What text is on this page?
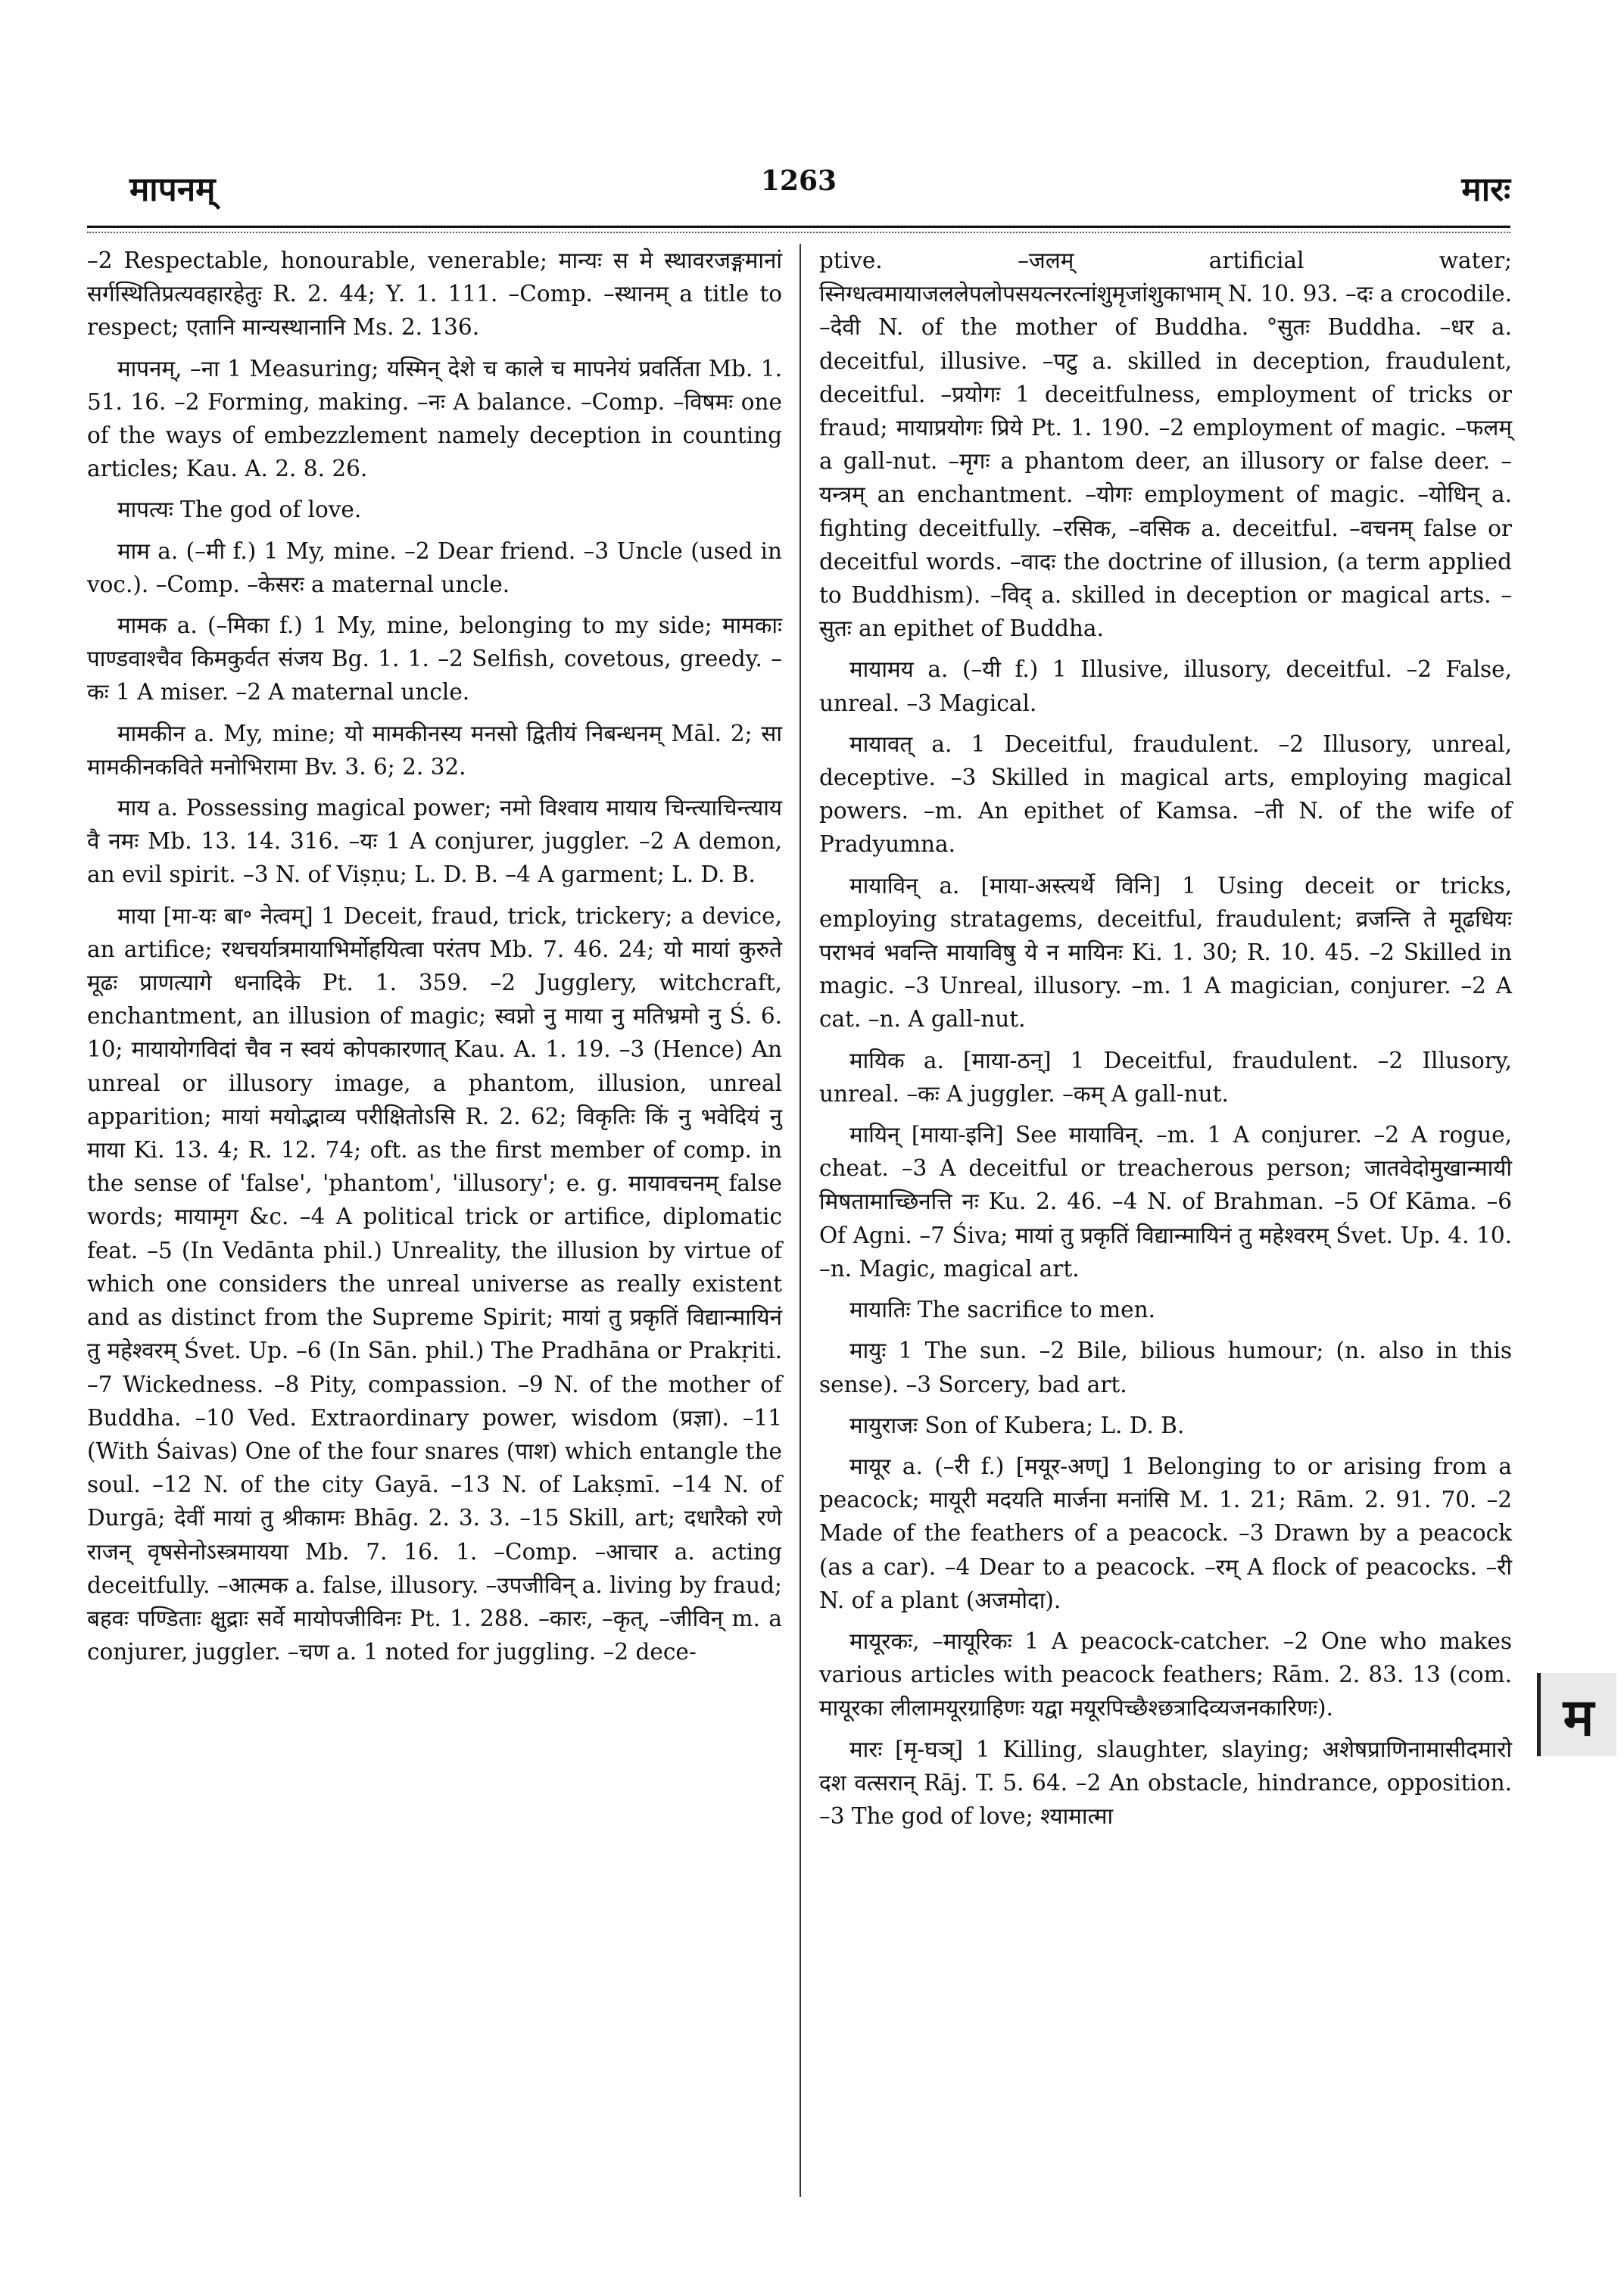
मापनम्	1263	मारः

–2 Respectable, honourable, venerable; मान्यः स मे स्थावरजङ्गमानां सर्गस्थितिप्रत्यवहारहेतुः R. 2. 44; Y. 1. 111. –Comp. –स्थानम् a title to respect; एतानि मान्यस्थानानि Ms. 2. 136.

मापनम्, –ना 1 Measuring; यस्मिन् देशे च काले च मापनेयं प्रवर्तिता Mb. 1. 51. 16. –2 Forming, making. –नः A balance. –Comp. –विषमः one of the ways of embezzlement namely deception in counting articles; Kau. A. 2. 8. 26.

मापत्यः The god of love.

माम a. (–मी f.) 1 My, mine. –2 Dear friend. –3 Uncle (used in voc.). –Comp. –केसरः a maternal uncle.

मामक a. (–मिका f.) 1 My, mine, belonging to my side; मामकाः पाण्डवाश्चैव किमकुर्वत संजय Bg. 1. 1. –2 Selfish, covetous, greedy. –कः 1 A miser. –2 A maternal uncle.

मामकीन a. My, mine; यो मामकीनस्य मनसो द्वितीयं निबन्धनम् Māl. 2; सा मामकीनकविते मनोभिरामा Bv. 3. 6; 2. 32.

माय a. Possessing magical power; नमो विश्वाय मायाय चिन्त्याचिन्त्याय वै नमः Mb. 13. 14. 316. –यः 1 A conjurer, juggler. –2 A demon, an evil spirit. –3 N. of Viṣṇu; L. D. B. –4 A garment; L. D. B.

माया [मा-यः बा॰ नेत्वम्] 1 Deceit, fraud, trick, trickery; a device, an artifice; रथचर्यात्रमायाभिर्मोहयित्वा परंतप Mb. 7. 46. 24; यो मायां कुरुते मूढः प्राणत्यागे धनादिके Pt. 1. 359. –2 Jugglery, witchcraft, enchantment, an illusion of magic; स्वप्नो नु माया नु मतिभ्रमो नु Ś. 6. 10; मायायोगविदां चैव न स्वयं कोपकारणात् Kau. A. 1. 19. –3 (Hence) An unreal or illusory image, a phantom, illusion, unreal apparition; मायां मयोद्भाव्य परीक्षितोऽसि R. 2. 62; विकृतिः किं नु भवेदियं नु माया Ki. 13. 4; R. 12. 74; oft. as the first member of comp. in the sense of 'false', 'phantom', 'illusory'; e. g. मायावचनम् false words; मायामृग &c. –4 A political trick or artifice, diplomatic feat. –5 (In Vedānta phil.) Unreality, the illusion by virtue of which one considers the unreal universe as really existent and as distinct from the Supreme Spirit; मायां तु प्रकृतिं विद्यान्मायिनं तु महेश्वरम् Śvet. Up. –6 (In Sān. phil.) The Pradhāna or Prakṛiti. –7 Wickedness. –8 Pity, compassion. –9 N. of the mother of Buddha. –10 Ved. Extraordinary power, wisdom (प्रज्ञा). –11 (With Śaivas) One of the four snares (पाश) which entangle the soul. –12 N. of the city Gayā. –13 N. of Lakṣmī. –14 N. of Durgā; देवीं मायां तु श्रीकामः Bhāg. 2. 3. 3. –15 Skill, art; दधारैको रणे राजन् वृषसेनोऽस्त्रमायया Mb. 7. 16. 1. –Comp. –आचार a. acting deceitfully. –आत्मक a. false, illusory. –उपजीविन् a. living by fraud; बहवः पण्डिताः क्षुद्राः सर्वे मायोपजीविनः Pt. 1. 288. –कारः, –कृत्, –जीविन् m. a conjurer, juggler. –चण a. 1 noted for juggling. –2 dece-

ptive. –जलम् artificial water; स्निग्धत्वमायाजललेपलोपसयत्नरत्नांशुमृजांशुकाभाम् N. 10. 93. –दः a crocodile. –देवी N. of the mother of Buddha. °सुतः Buddha. –धर a. deceitful, illusive. –पटु a. skilled in deception, fraudulent, deceitful. –प्रयोगः 1 deceitfulness, employment of tricks or fraud; मायाप्रयोगः प्रिये Pt. 1. 190. –2 employment of magic. –फलम् a gall-nut. –मृगः a phantom deer, an illusory or false deer. –यन्त्रम् an enchantment. –योगः employment of magic. –योधिन् a. fighting deceitfully. –रसिक, –वसिक a. deceitful. –वचनम् false or deceitful words. –वादः the doctrine of illusion, (a term applied to Buddhism). –विद् a. skilled in deception or magical arts. –सुतः an epithet of Buddha.

मायामय a. (–यी f.) 1 Illusive, illusory, deceitful. –2 False, unreal. –3 Magical.

मायावत् a. 1 Deceitful, fraudulent. –2 Illusory, unreal, deceptive. –3 Skilled in magical arts, employing magical powers. –m. An epithet of Kamsa. –ती N. of the wife of Pradyumna.

मायाविन् a. [माया-अस्त्यर्थे विनि] 1 Using deceit or tricks, employing stratagems, deceitful, fraudulent; व्रजन्ति ते मूढधियः पराभवं भवन्ति मायाविषु ये न मायिनः Ki. 1. 30; R. 10. 45. –2 Skilled in magic. –3 Unreal, illusory. –m. 1 A magician, conjurer. –2 A cat. –n. A gall-nut.

मायिक a. [माया-ठन्] 1 Deceitful, fraudulent. –2 Illusory, unreal. –कः A juggler. –कम् A gall-nut.

मायिन् [माया-इनि] See मायाविन्. –m. 1 A conjurer. –2 A rogue, cheat. –3 A deceitful or treacherous person; जातवेदोमुखान्मायी मिषतामाच्छिनत्ति नः Ku. 2. 46. –4 N. of Brahman. –5 Of Kāma. –6 Of Agni. –7 Śiva; मायां तु प्रकृतिं विद्यान्मायिनं तु महेश्वरम् Śvet. Up. 4. 10. –n. Magic, magical art.

मायातिः The sacrifice to men.

मायुः 1 The sun. –2 Bile, bilious humour; (n. also in this sense). –3 Sorcery, bad art.

मायुराजः Son of Kubera; L. D. B.

मायूर a. (–री f.) [मयूर-अण्] 1 Belonging to or arising from a peacock; मायूरी मदयति मार्जना मनांसि M. 1. 21; Rām. 2. 91. 70. –2 Made of the feathers of a peacock. –3 Drawn by a peacock (as a car). –4 Dear to a peacock. –रम् A flock of peacocks. –री N. of a plant (अजमोदा).

मायूरकः, –मायूरिकः 1 A peacock-catcher. –2 One who makes various articles with peacock feathers; Rām. 2. 83. 13 (com. मायूरका लीलामयूरग्राहिणः यद्वा मयूरपिच्छैश्छत्रादिव्यजनकारिणः).

मारः [मृ-घञ्] 1 Killing, slaughter, slaying; अशेषप्राणिनामासीदमारो दश वत्सरान् Rāj. T. 5. 64. –2 An obstacle, hindrance, opposition. –3 The god of love; श्यामात्मा

म
